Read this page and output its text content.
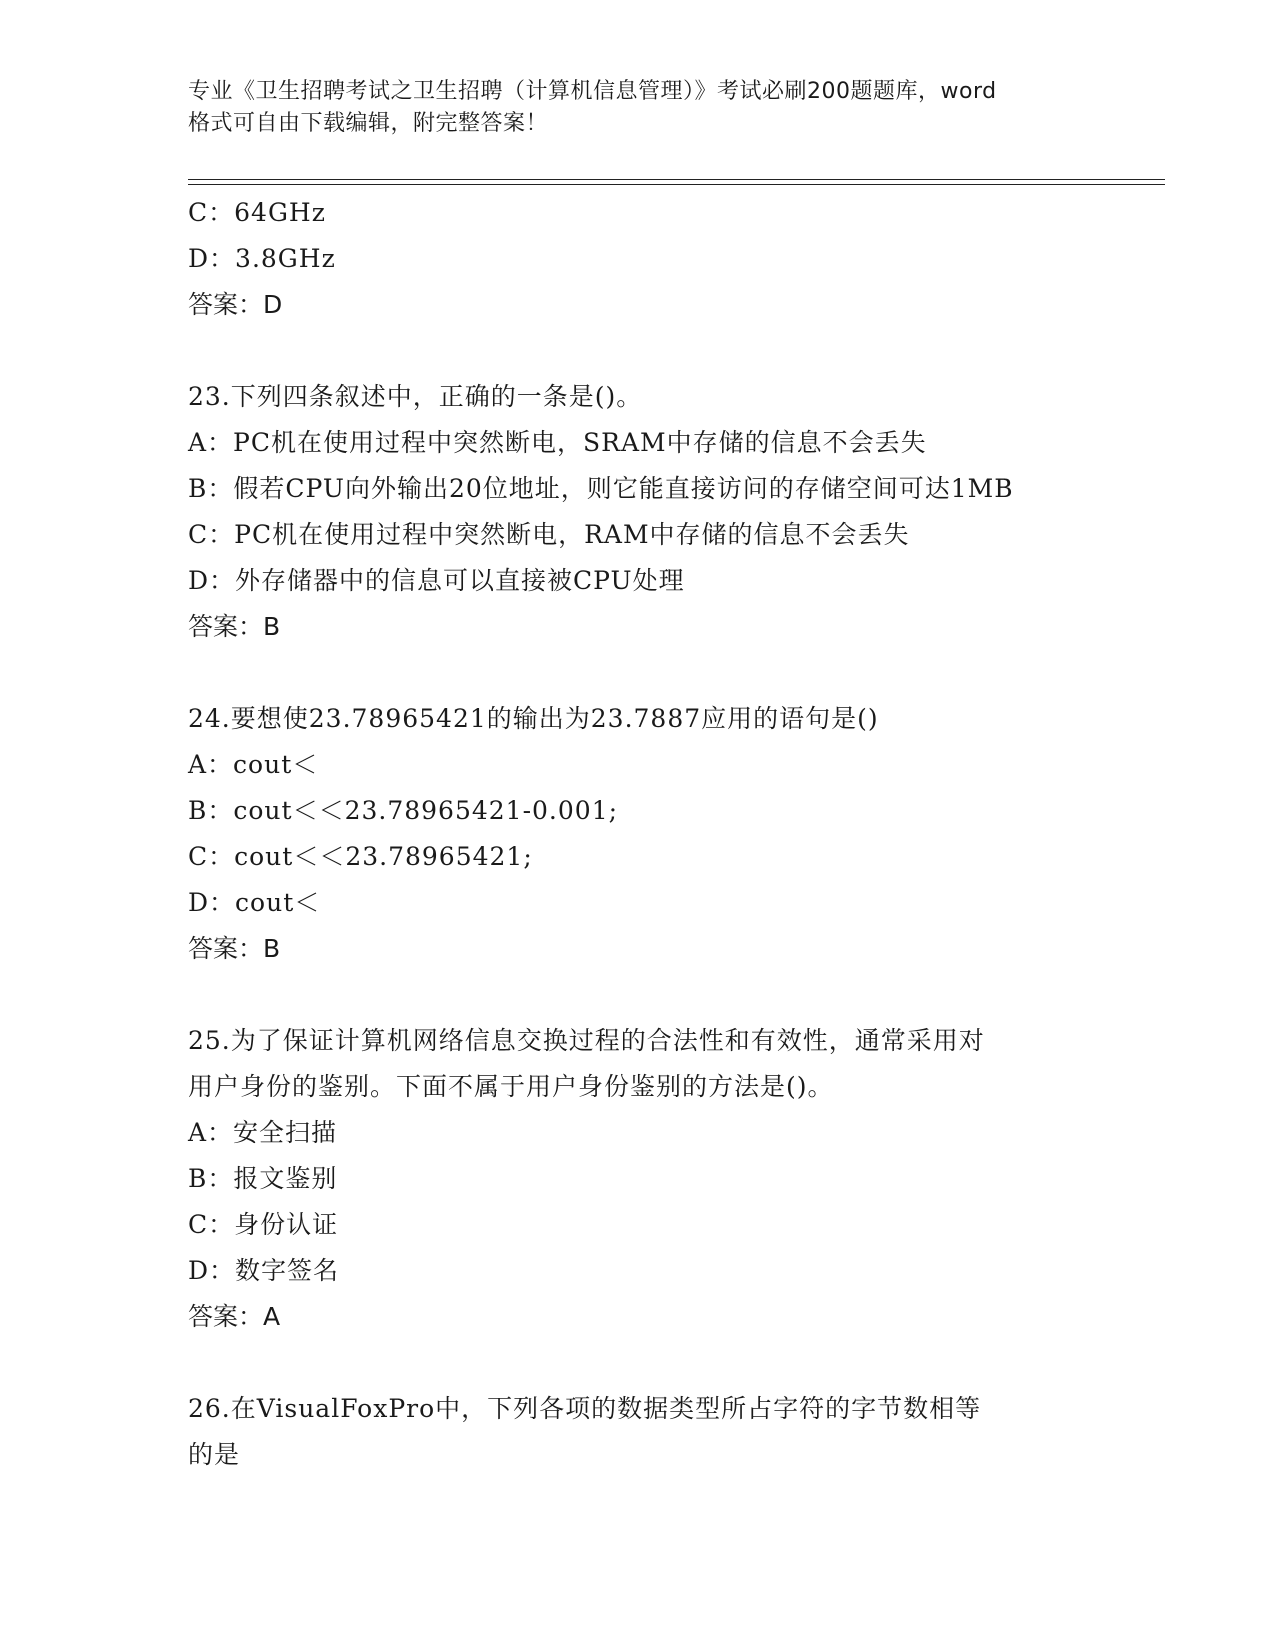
专业《卫生招聘考试之卫生招聘（计算机信息管理）》考试必刷200题题库，word
格式可自由下载编辑，附完整答案！
C：64GHz
D：3.8GHz
答案：D
23.下列四条叙述中，正确的一条是()。
A：PC机在使用过程中突然断电，SRAM中存储的信息不会丢失
B：假若CPU向外输出20位地址，则它能直接访问的存储空间可达1MB
C：PC机在使用过程中突然断电，RAM中存储的信息不会丢失
D：外存储器中的信息可以直接被CPU处理
答案：B
24.要想使23.78965421的输出为23.7887应用的语句是()
A：cout＜
B：cout＜＜23.78965421-0.001;
C：cout＜＜23.78965421;
D：cout＜
答案：B
25.为了保证计算机网络信息交换过程的合法性和有效性，通常采用对
用户身份的鉴别。下面不属于用户身份鉴别的方法是()。
A：安全扫描
B：报文鉴别
C：身份认证
D：数字签名
答案：A
26.在VisualFoxPro中，下列各项的数据类型所占字符的字节数相等
的是
